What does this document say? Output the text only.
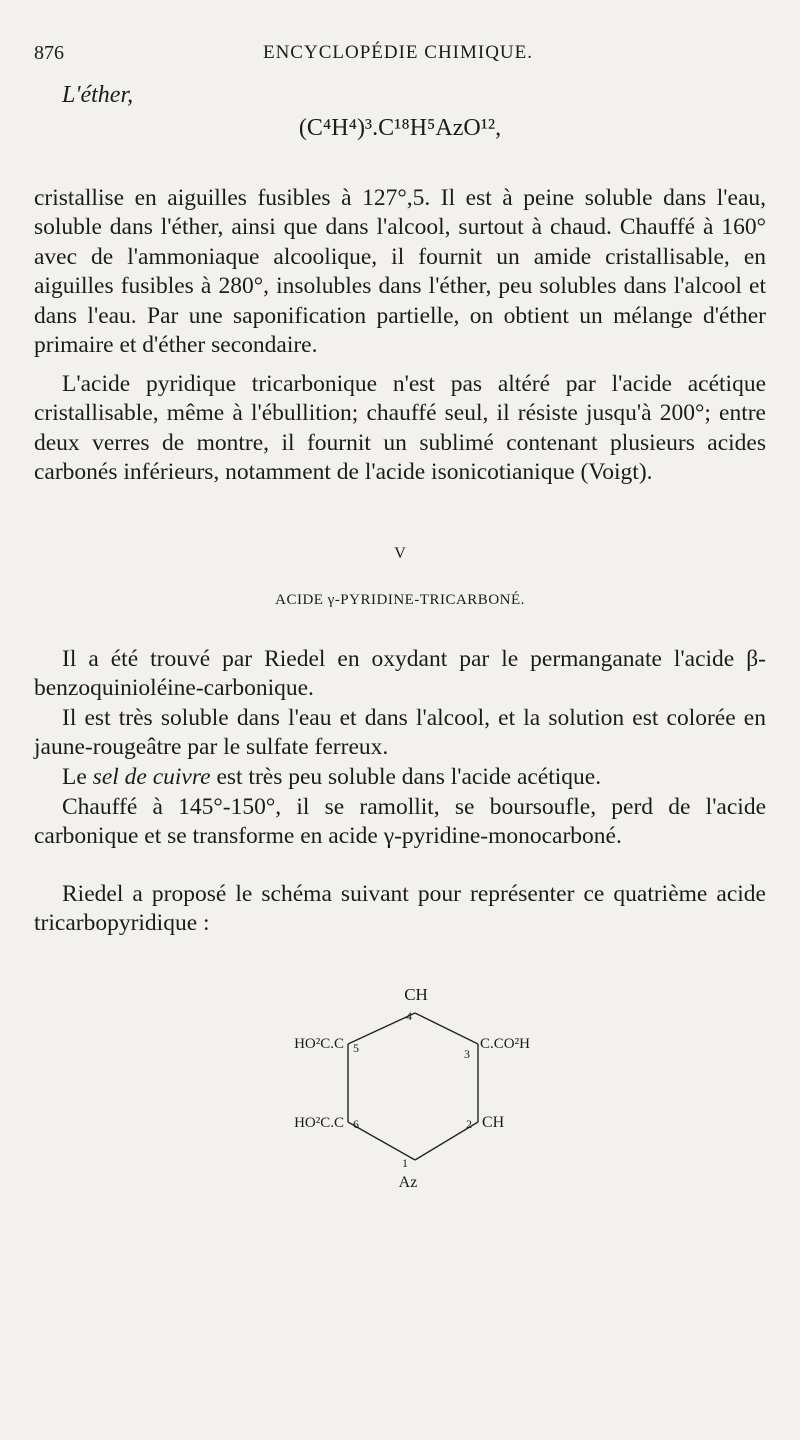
876	ENCYCLOPÉDIE CHIMIQUE.
L'éther,
(C⁴H⁴)³.C¹⁸H⁵AzO¹²,

cristallise en aiguilles fusibles à 127°,5. Il est à peine soluble dans l'eau, soluble dans l'éther, ainsi que dans l'alcool, surtout à chaud. Chauffé à 160° avec de l'ammoniaque alcoolique, il fournit un amide cristallisable, en aiguilles fusibles à 280°, insolubles dans l'éther, peu solubles dans l'alcool et dans l'eau. Par une saponification partielle, on obtient un mélange d'éther primaire et d'éther secondaire.

L'acide pyridique tricarbonique n'est pas altéré par l'acide acétique cristallisable, même à l'ébullition; chauffé seul, il résiste jusqu'à 200°; entre deux verres de montre, il fournit un sublimé contenant plusieurs acides carbonés inférieurs, notamment de l'acide isonicotianique (Voigt).

V
ACIDE γ-PYRIDINE-TRICARBONÉ.

Il a été trouvé par Riedel en oxydant par le permanganate l'acide β-benzoquinioléine-carbonique.

Il est très soluble dans l'eau et dans l'alcool, et la solution est colorée en jaune-rougeâtre par le sulfate ferreux.

Le sel de cuivre est très peu soluble dans l'acide acétique.

Chauffé à 145°-150°, il se ramollit, se boursoufle, perd de l'acide carbonique et se transforme en acide γ-pyridine-monocarboné.

Riedel a proposé le schéma suivant pour représenter ce quatrième acide tricarbopyridique :

CH
C.CO²H
HO²C.C
HO²C.C	CH
Az
4
3
5
6	2
1
